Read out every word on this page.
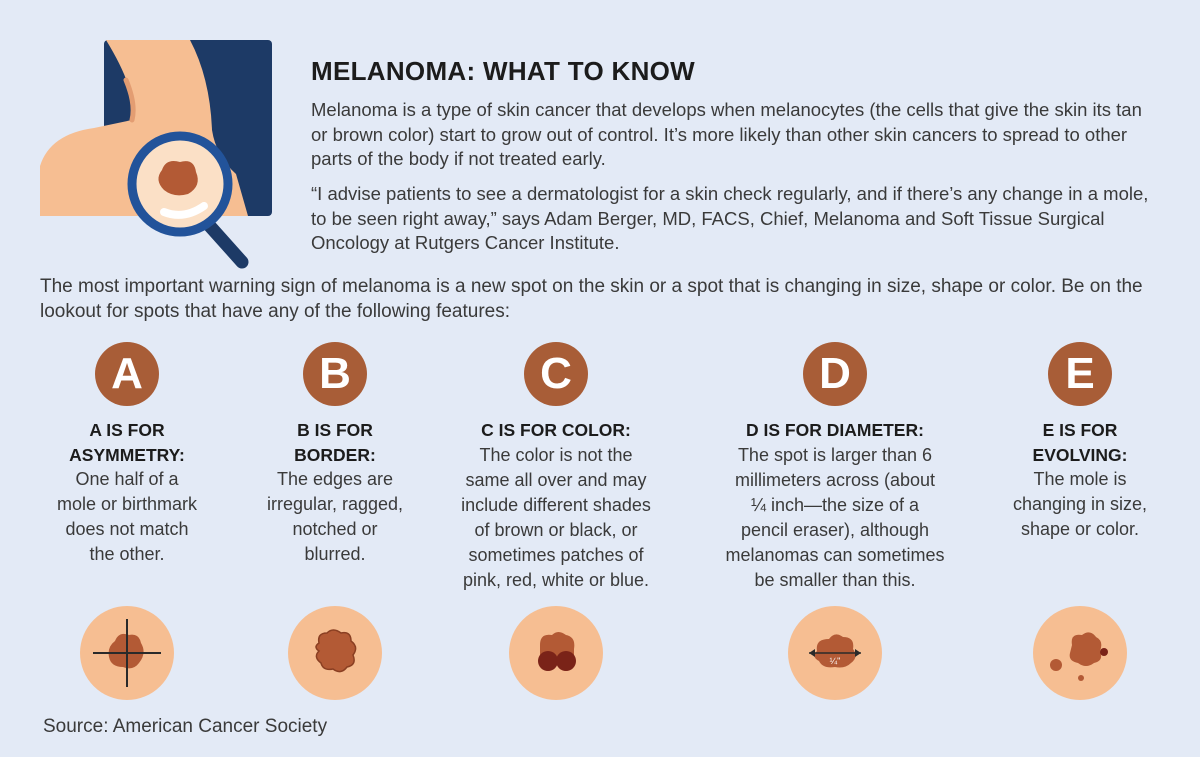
MELANOMA: WHAT TO KNOW

Melanoma is a type of skin cancer that develops when melanocytes (the cells that give the skin its tan or brown color) start to grow out of control. It’s more likely than other skin cancers to spread to other parts of the body if not treated early.

“I advise patients to see a dermatologist for a skin check regularly, and if there’s any change in a mole, to be seen right away,” says Adam Berger, MD, FACS, Chief, Melanoma and Soft Tissue Surgical Oncology at Rutgers Cancer Institute.

The most important warning sign of melanoma is a new spot on the skin or a spot that is changing in size, shape or color. Be on the lookout for spots that have any of the following features:

A
A IS FOR
ASYMMETRY:
One half of a
mole or birthmark
does not match
the other.
B
B IS FOR
BORDER:
The edges are
irregular, ragged,
notched or
blurred.
C
C IS FOR COLOR:
The color is not the
same all over and may
include different shades
of brown or black, or
sometimes patches of
pink, red, white or blue.
D
D IS FOR DIAMETER:
The spot is larger than 6
millimeters across (about
¼ inch—the size of a
pencil eraser), although
melanomas can sometimes
be smaller than this.
E
E IS FOR
EVOLVING:
The mole is
changing in size,
shape or color.
¼"

Source: American Cancer Society
